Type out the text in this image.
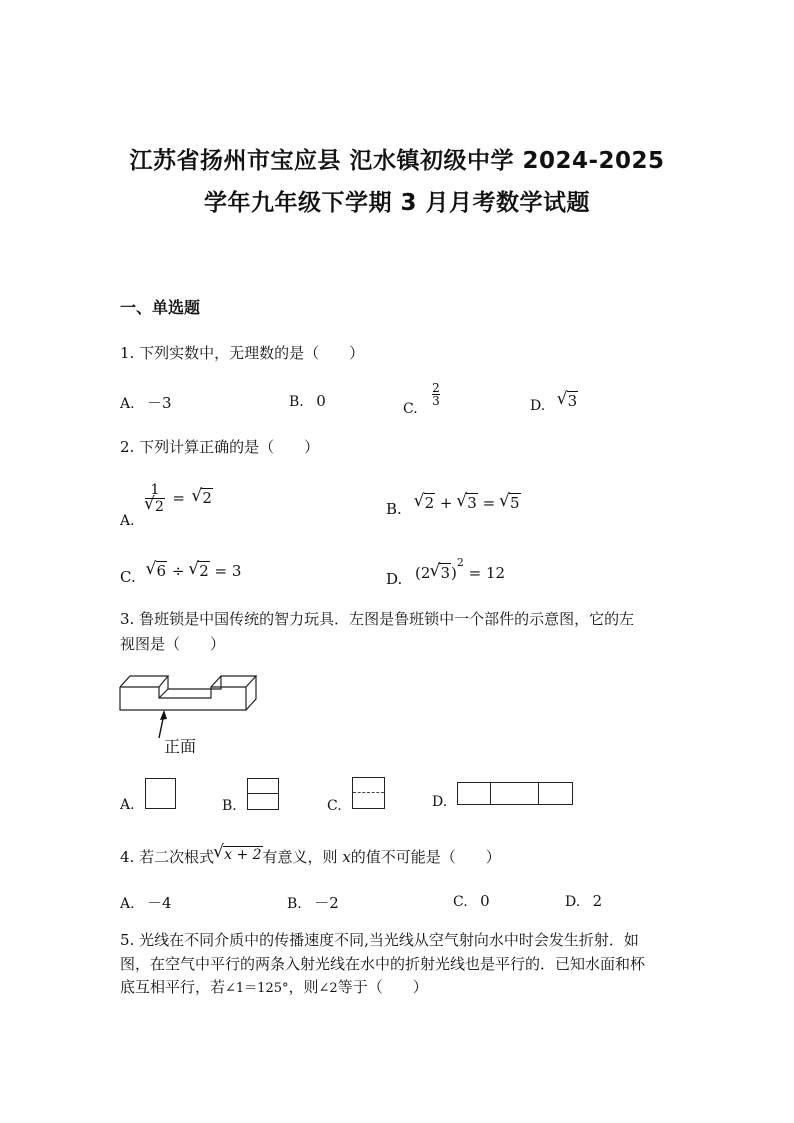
江苏省扬州市宝应县 氾水镇初级中学 2024-2025
学年九年级下学期 3 月月考数学试题
一、单选题
1. 下列实数中，无理数的是（　　）
A. －3	B. 0	C.
$\frac{2}{3}$	D. √ 3
2. 下列计算正确的是（　　）
A.
1
√ 2 = √ 2
B. √ 2 + √ 3 = √ 5
C. √ 6 ÷ √ 2 = 3	D. (2 √ 3)$^2$ = 12
3. 鲁班锁是中国传统的智力玩具．左图是鲁班锁中一个部件的示意图，它的左
视图是（　　）
正面
A.	B.	C.	D.
4. 若二次根式 √ x + 2有意义，则 x的值不可能是（　　）
A. －4	B. －2	C. 0	D. 2
5. 光线在不同介质中的传播速度不同,当光线从空气射向水中时会发生折射．如
图，在空气中平行的两条入射光线在水中的折射光线也是平行的．已知水面和杯
底互相平行，若∠1＝125°，则∠2等于（　　）
